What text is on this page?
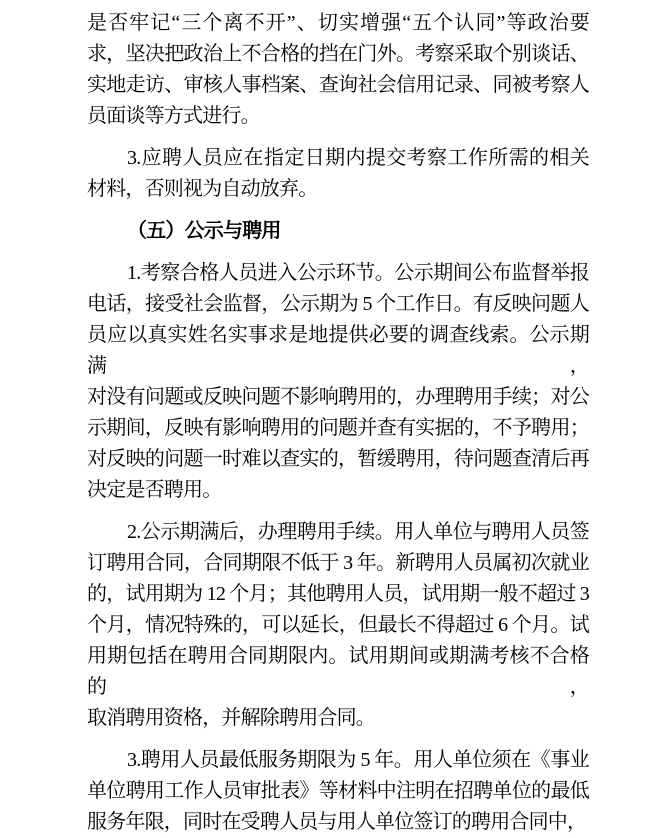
是否牢记“三个离不开”、切实增强“五个认同”等政治要
求，坚决把政治上不合格的挡在门外。考察采取个别谈话、
实地走访、审核人事档案、查询社会信用记录、同被考察人
员面谈等方式进行。
3.应聘人员应在指定日期内提交考察工作所需的相关
材料，否则视为自动放弃。
（五）公示与聘用
1.考察合格人员进入公示环节。公示期间公布监督举报
电话，接受社会监督，公示期为 5 个工作日。有反映问题人
员应以真实姓名实事求是地提供必要的调查线索。公示期满，
对没有问题或反映问题不影响聘用的，办理聘用手续；对公
示期间，反映有影响聘用的问题并查有实据的，不予聘用；
对反映的问题一时难以查实的，暂缓聘用，待问题查清后再
决定是否聘用。
2.公示期满后，办理聘用手续。用人单位与聘用人员签
订聘用合同，合同期限不低于 3 年。新聘用人员属初次就业
的，试用期为 12 个月；其他聘用人员，试用期一般不超过 3
个月，情况特殊的，可以延长，但最长不得超过 6 个月。试
用期包括在聘用合同期限内。试用期间或期满考核不合格的，
取消聘用资格，并解除聘用合同。
3.聘用人员最低服务期限为 5 年。用人单位须在《事业
单位聘用工作人员审批表》等材料中注明在招聘单位的最低
服务年限，同时在受聘人员与用人单位签订的聘用合同中，
